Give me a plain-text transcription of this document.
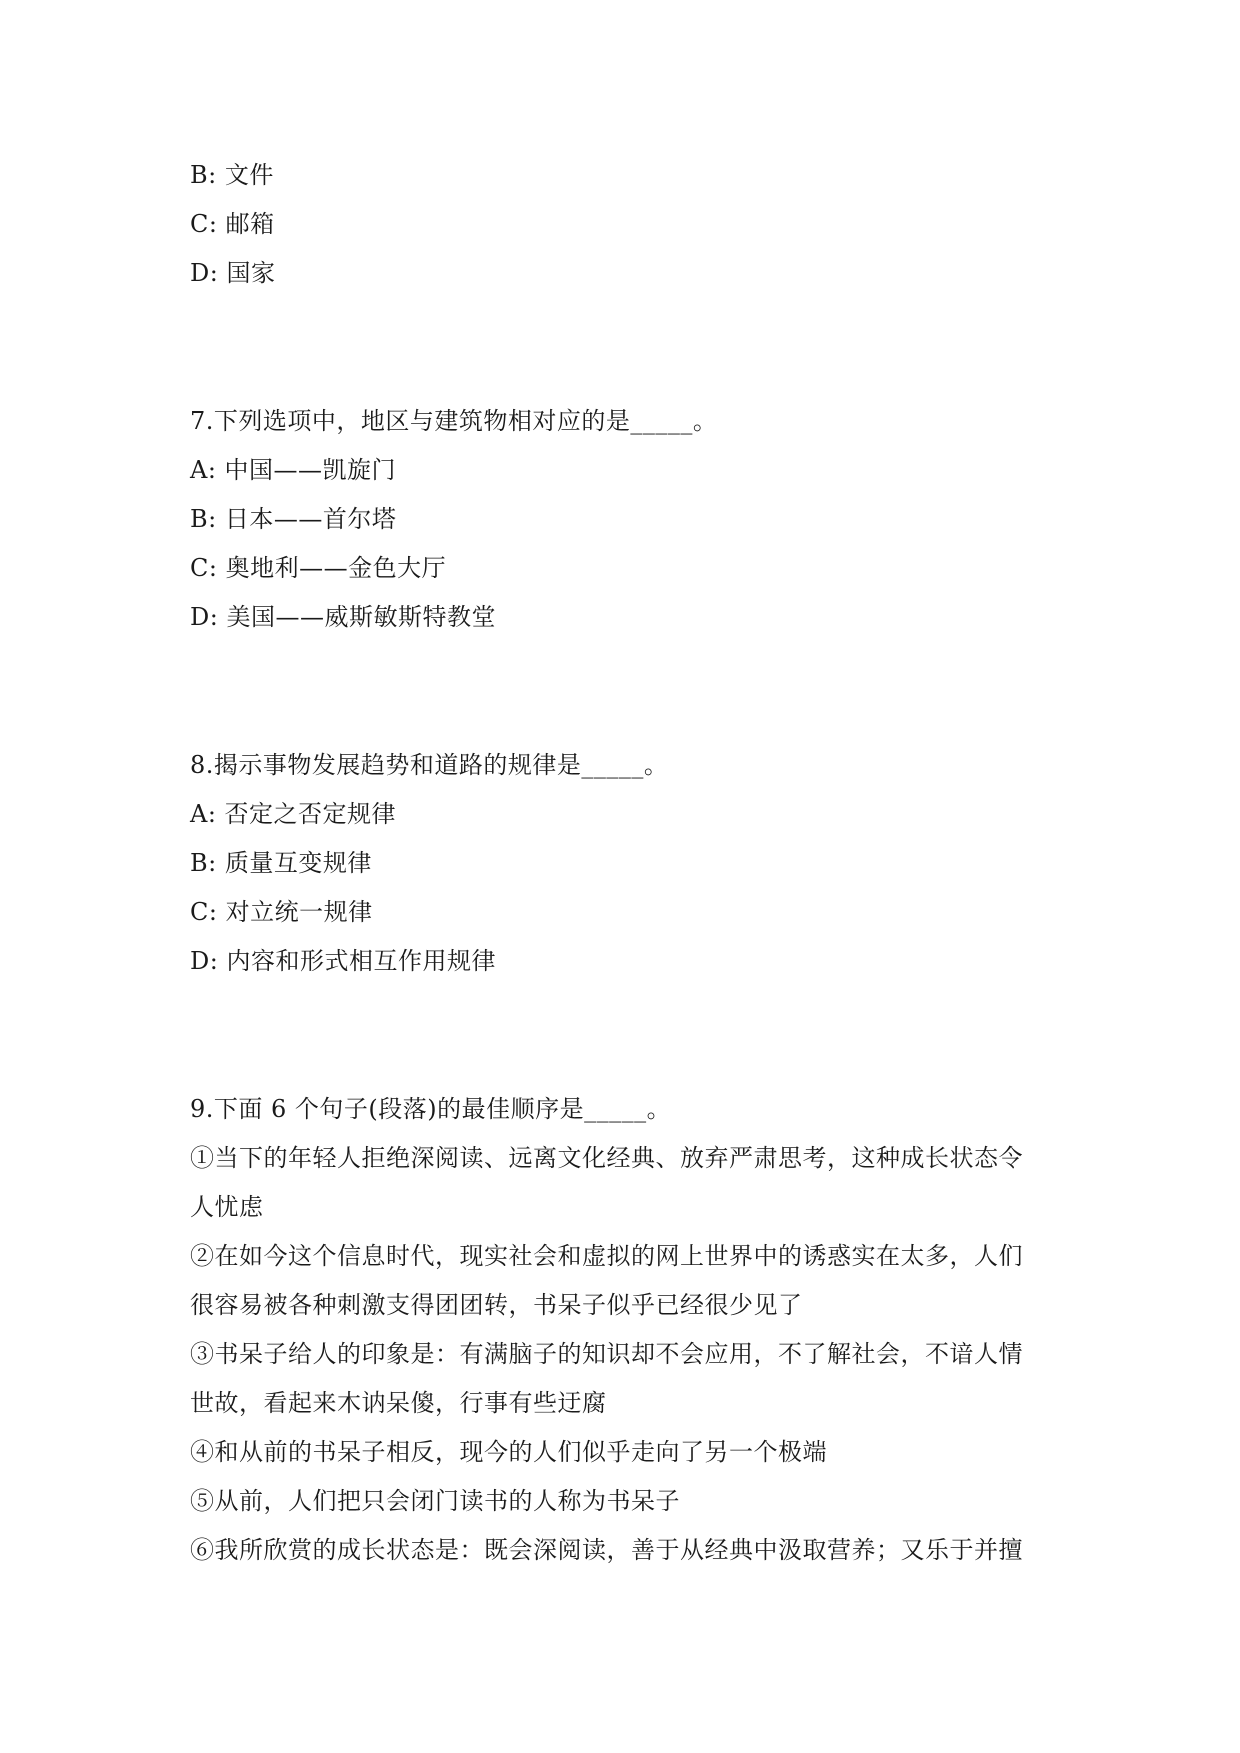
B: 文件
C: 邮箱
D: 国家
7.下列选项中，地区与建筑物相对应的是_____。
A: 中国——凯旋门
B: 日本——首尔塔
C: 奥地利——金色大厅
D: 美国——威斯敏斯特教堂
8.揭示事物发展趋势和道路的规律是_____。
A: 否定之否定规律
B: 质量互变规律
C: 对立统一规律
D: 内容和形式相互作用规律
9.下面 6 个句子(段落)的最佳顺序是_____。
①当下的年轻人拒绝深阅读、远离文化经典、放弃严肃思考，这种成长状态令
人忧虑
②在如今这个信息时代，现实社会和虚拟的网上世界中的诱惑实在太多，人们
很容易被各种刺激支得团团转，书呆子似乎已经很少见了
③书呆子给人的印象是：有满脑子的知识却不会应用，不了解社会，不谙人情
世故，看起来木讷呆傻，行事有些迂腐
④和从前的书呆子相反，现今的人们似乎走向了另一个极端
⑤从前，人们把只会闭门读书的人称为书呆子
⑥我所欣赏的成长状态是：既会深阅读，善于从经典中汲取营养；又乐于并擅
